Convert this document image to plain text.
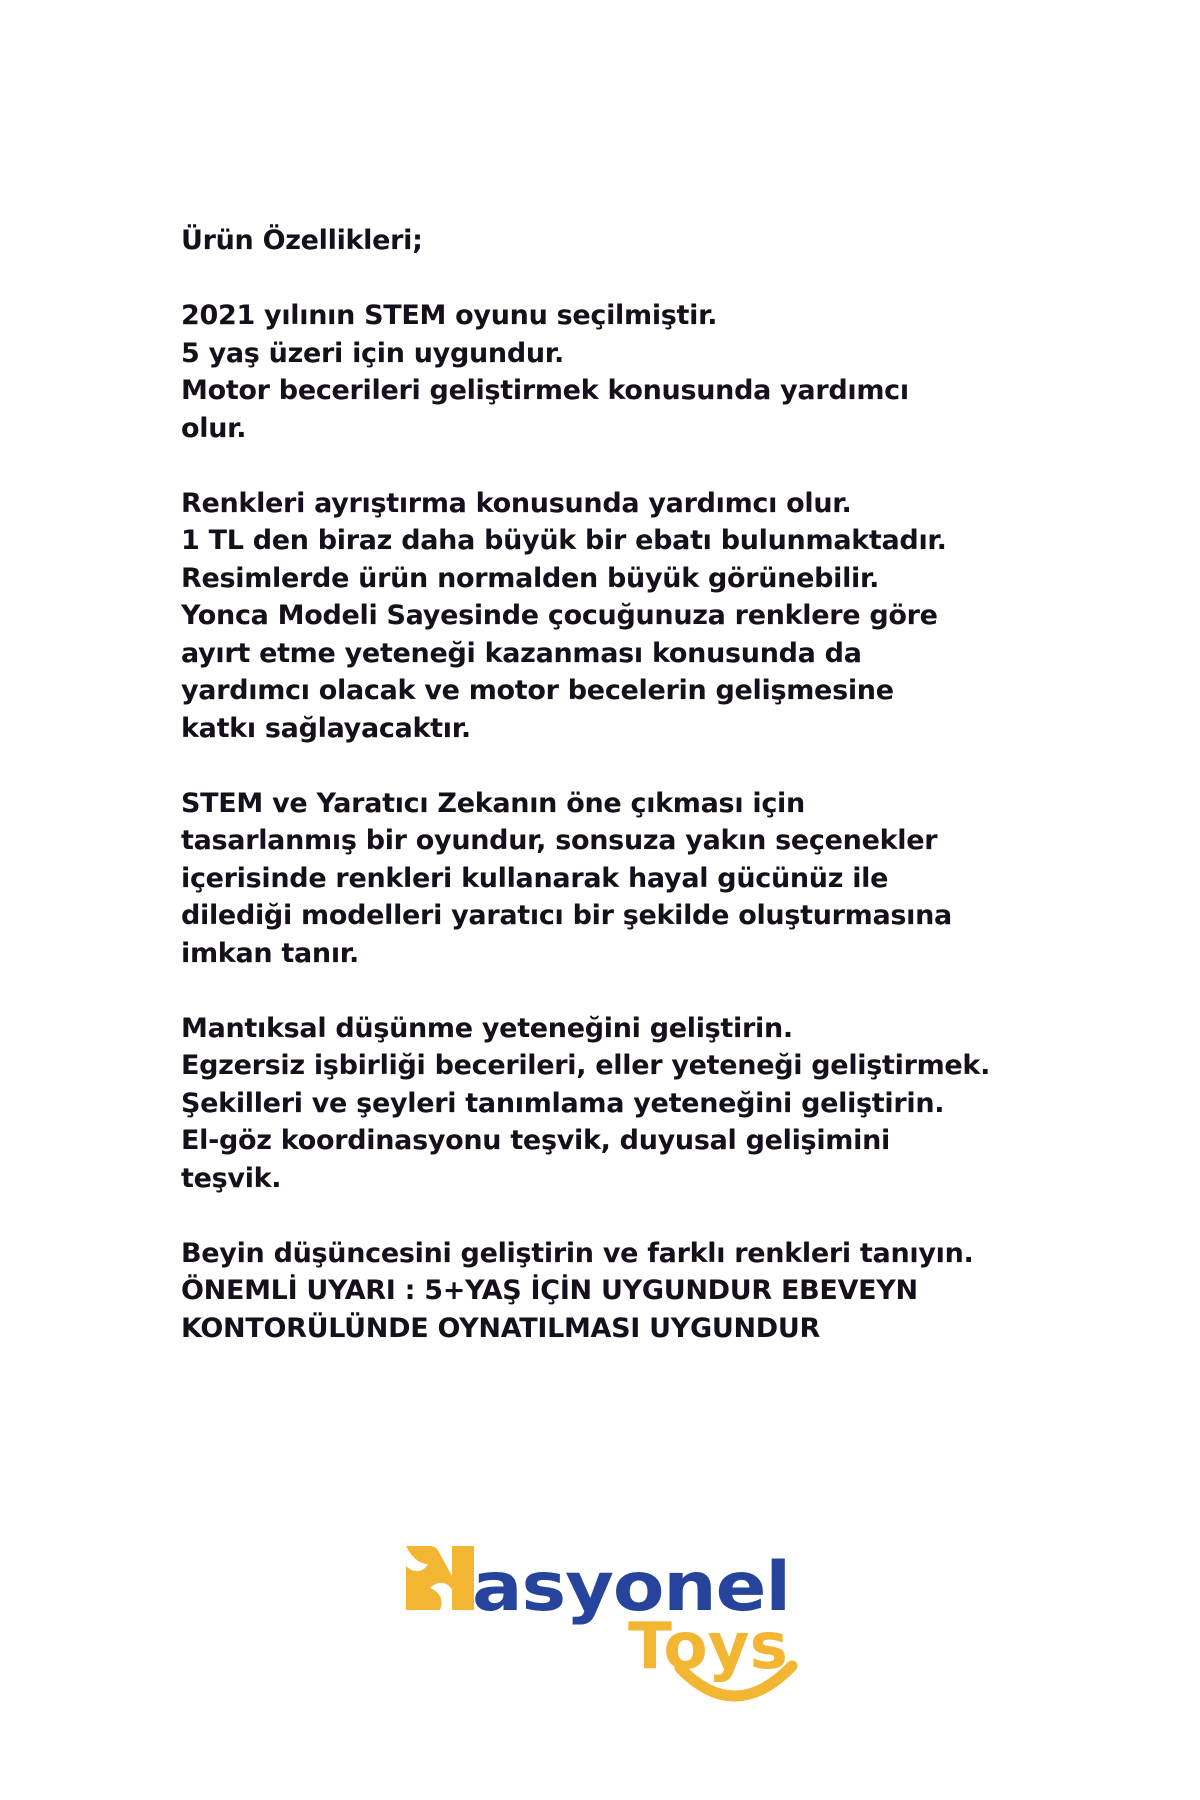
Ürün Özellikleri;
2021 yılının STEM oyunu seçilmiştir.
5 yaş üzeri için uygundur.
Motor becerileri geliştirmek konusunda yardımcı
olur.
Renkleri ayrıştırma konusunda yardımcı olur.
1 TL den biraz daha büyük bir ebatı bulunmaktadır.
Resimlerde ürün normalden büyük görünebilir.
Yonca Modeli Sayesinde çocuğunuza renklere göre
ayırt etme yeteneği kazanması konusunda da
yardımcı olacak ve motor becelerin gelişmesine
katkı sağlayacaktır.
STEM ve Yaratıcı Zekanın öne çıkması için
tasarlanmış bir oyundur, sonsuza yakın seçenekler
içerisinde renkleri kullanarak hayal gücünüz ile
dilediği modelleri yaratıcı bir şekilde oluşturmasına
imkan tanır.
Mantıksal düşünme yeteneğini geliştirin.
Egzersiz işbirliği becerileri, eller yeteneği geliştirmek.
Şekilleri ve şeyleri tanımlama yeteneğini geliştirin.
El-göz koordinasyonu teşvik, duyusal gelişimini
teşvik.
Beyin düşüncesini geliştirin ve farklı renkleri tanıyın.
ÖNEMLİ UYARI : 5+YAŞ İÇİN UYGUNDUR EBEVEYN
KONTORÜLÜNDE OYNATILMASI UYGUNDUR
asyonel
Toys
